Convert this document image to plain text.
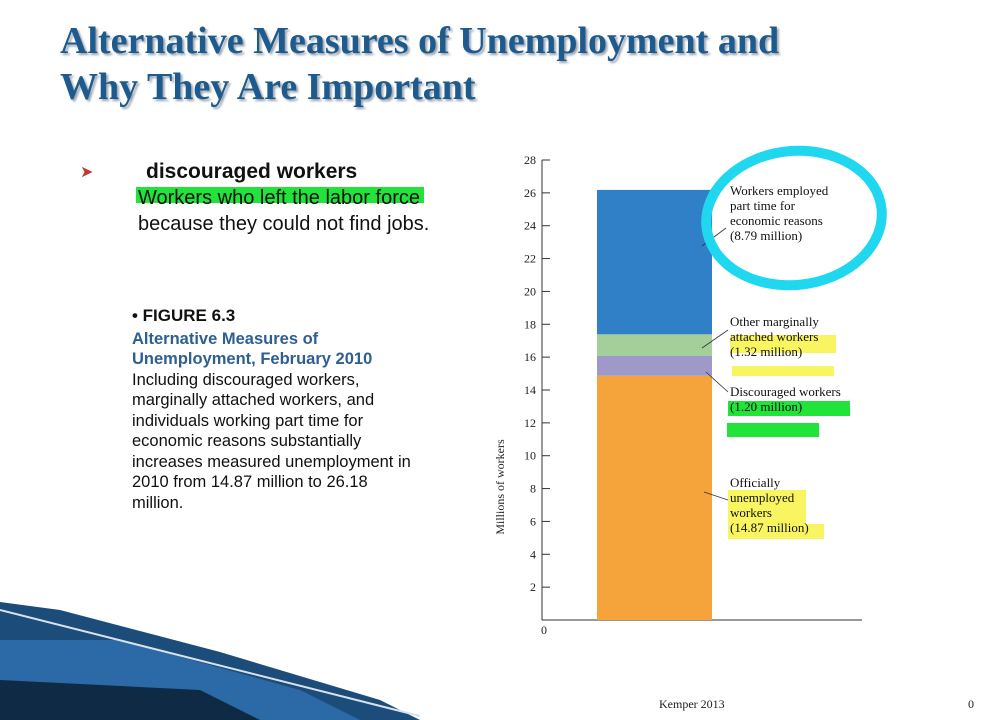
Alternative Measures of Unemployment and
Why They Are Important
➤	discouraged workers
Workers who left the labor force because they could not find jobs.
• FIGURE 6.3
Alternative Measures of Unemployment, February 2010
Including discouraged workers, marginally attached workers, and individuals working part time for economic reasons substantially increases measured unemployment in 2010 from 14.87 million to 26.18 million.
2
4
6
8
10
12
14
16
18
20
22
24
26
28
Millions of workers
0
Officially unemployed workers (14.87 million)
Discouraged workers (1.20 million)
Other marginally attached workers (1.32 million)
Workers employed part time for economic reasons (8.79 million)
Kemper 2013	0
